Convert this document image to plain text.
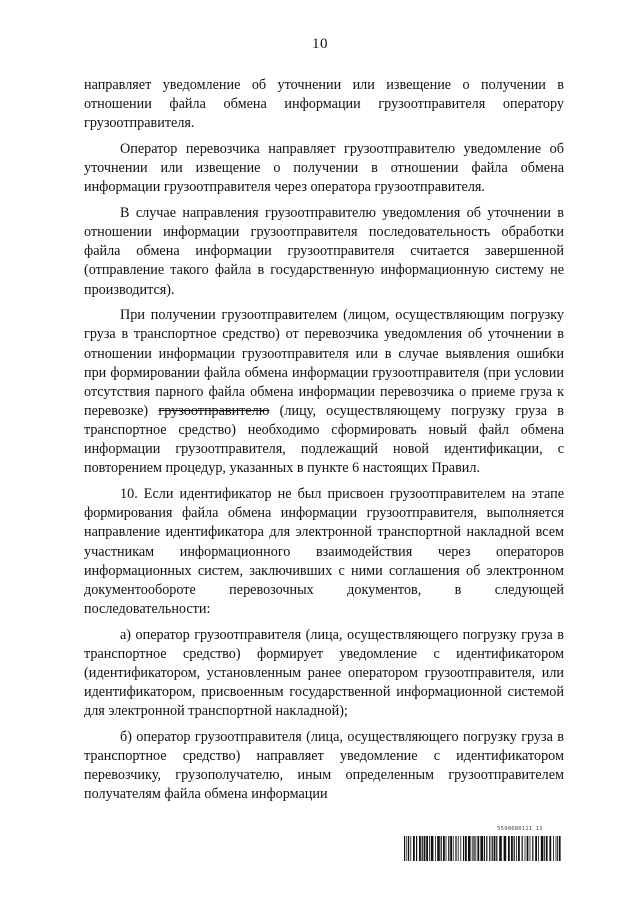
10

направляет уведомление об уточнении или извещение о получении в отношении файла обмена информации грузоотправителя оператору грузоотправителя.

Оператор перевозчика направляет грузоотправителю уведомление об уточнении или извещение о получении в отношении файла обмена информации грузоотправителя через оператора грузоотправителя.

В случае направления грузоотправителю уведомления об уточнении в отношении информации грузоотправителя последовательность обработки файла обмена информации грузоотправителя считается завершенной (отправление такого файла в государственную информационную систему не производится).

При получении грузоотправителем (лицом, осуществляющим погрузку груза в транспортное средство) от перевозчика уведомления об уточнении в отношении информации грузоотправителя или в случае выявления ошибки при формировании файла обмена информации грузоотправителя (при условии отсутствия парного файла обмена информации перевозчика о приеме груза к перевозке) грузоотправителю (лицу, осуществляющему погрузку груза в транспортное средство) необходимо сформировать новый файл обмена информации грузоотправителя, подлежащий новой идентификации, с повторением процедур, указанных в пункте 6 настоящих Правил.

10. Если идентификатор не был присвоен грузоотправителем на этапе формирования файла обмена информации грузоотправителя, выполняется направление идентификатора для электронной транспортной накладной всем участникам информационного взаимодействия через операторов информационных систем, заключивших с ними соглашения об электронном документообороте перевозочных документов, в следующей последовательности:

а) оператор грузоотправителя (лица, осуществляющего погрузку груза в транспортное средство) формирует уведомление с идентификатором (идентификатором, установленным ранее оператором грузоотправителя, или идентификатором, присвоенным государственной информационной системой для электронной транспортной накладной);

б) оператор грузоотправителя (лица, осуществляющего погрузку груза в транспортное средство) направляет уведомление с идентификатором перевозчику, грузополучателю, иным определенным грузоотправителем получателям файла обмена информации

5590680111 11
